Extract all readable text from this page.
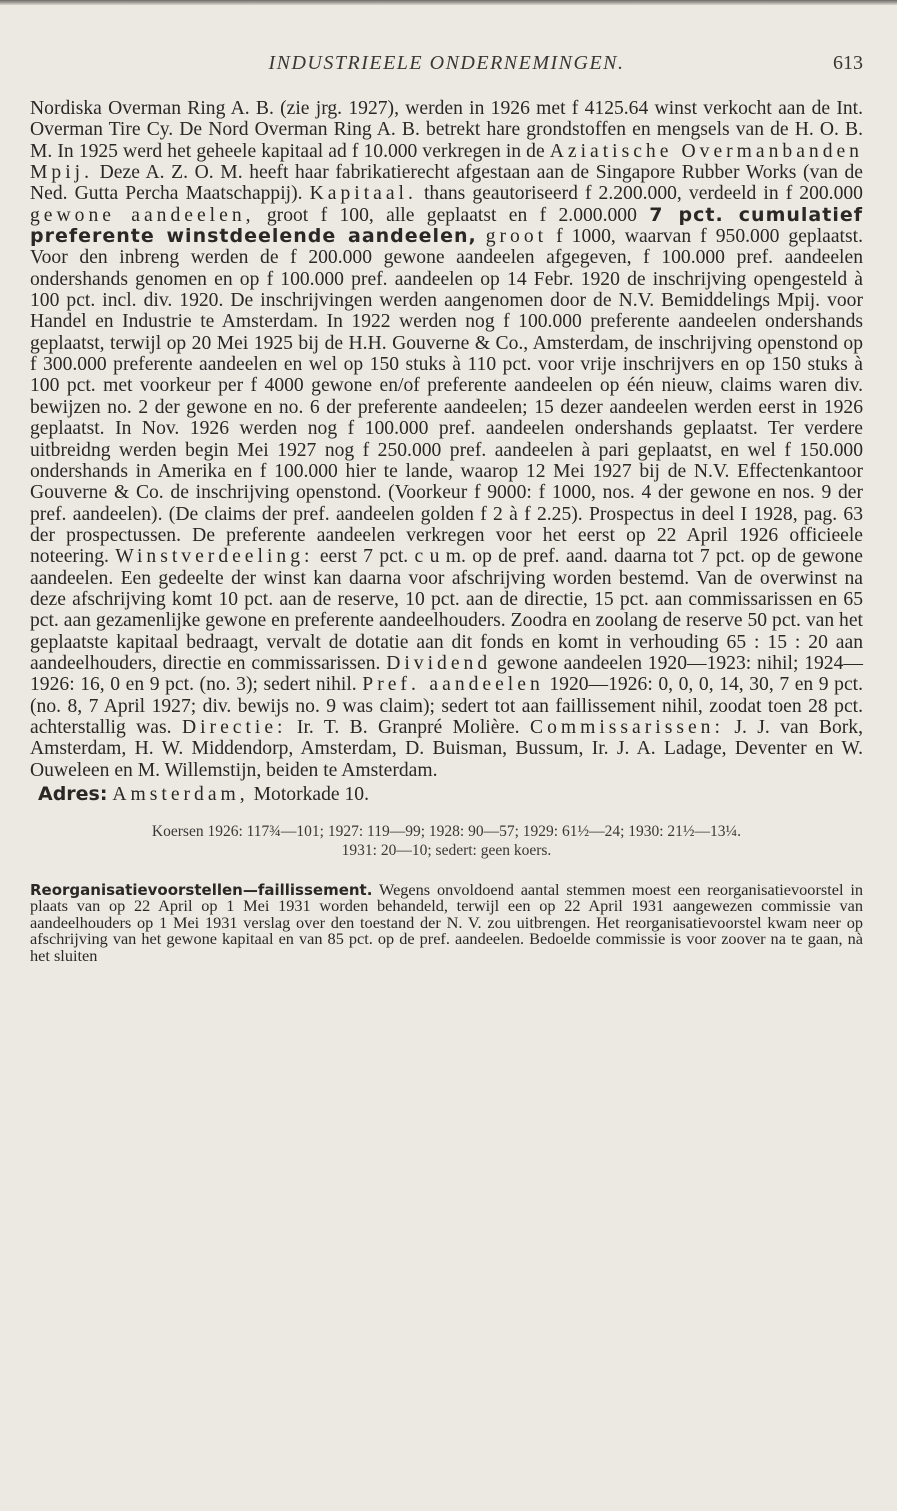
INDUSTRIEELE ONDERNEMINGEN.	613

Nordiska Overman Ring A. B. (zie jrg. 1927), werden in 1926 met f 4125.64 winst verkocht aan de Int. Overman Tire Cy. De Nord Overman Ring A. B. betrekt hare grondstoffen en mengsels van de H. O. B. M. In 1925 werd het geheele kapitaal ad f 10.000 verkregen in de Aziatische Overmanbanden Mpij. Deze A. Z. O. M. heeft haar fabrikatierecht afgestaan aan de Singapore Rubber Works (van de Ned. Gutta Percha Maatschappij). Kapitaal. thans geautoriseerd f 2.200.000, verdeeld in f 200.000 gewone aandeelen, groot f 100, alle geplaatst en f 2.000.000 7 pct. cumulatief preferente winstdeelende aandeelen, groot f 1000, waarvan f 950.000 geplaatst. Voor den inbreng werden de f 200.000 gewone aandeelen afgegeven, f 100.000 pref. aandeelen ondershands genomen en op f 100.000 pref. aandeelen op 14 Febr. 1920 de inschrijving opengesteld à 100 pct. incl. div. 1920. De inschrijvingen werden aangenomen door de N.V. Bemiddelings Mpij. voor Handel en Industrie te Amsterdam. In 1922 werden nog f 100.000 preferente aandeelen ondershands geplaatst, terwijl op 20 Mei 1925 bij de H.H. Gouverne & Co., Amsterdam, de inschrijving openstond op f 300.000 preferente aandeelen en wel op 150 stuks à 110 pct. voor vrije inschrijvers en op 150 stuks à 100 pct. met voorkeur per f 4000 gewone en/of preferente aandeelen op één nieuw, claims waren div. bewijzen no. 2 der gewone en no. 6 der preferente aandeelen; 15 dezer aandeelen werden eerst in 1926 geplaatst. In Nov. 1926 werden nog f 100.000 pref. aandeelen ondershands geplaatst. Ter verdere uitbreidng werden begin Mei 1927 nog f 250.000 pref. aandeelen à pari geplaatst, en wel f 150.000 ondershands in Amerika en f 100.000 hier te lande, waarop 12 Mei 1927 bij de N.V. Effectenkantoor Gouverne & Co. de inschrijving openstond. (Voorkeur f 9000: f 1000, nos. 4 der gewone en nos. 9 der pref. aandeelen). (De claims der pref. aandeelen golden f 2 à f 2.25). Prospectus in deel I 1928, pag. 63 der prospectussen. De preferente aandeelen verkregen voor het eerst op 22 April 1926 officieele noteering. Winstverdeeling: eerst 7 pct. c u m. op de pref. aand. daarna tot 7 pct. op de gewone aandeelen. Een gedeelte der winst kan daarna voor afschrijving worden bestemd. Van de overwinst na deze afschrijving komt 10 pct. aan de reserve, 10 pct. aan de directie, 15 pct. aan commissarissen en 65 pct. aan gezamenlijke gewone en preferente aandeelhouders. Zoodra en zoolang de reserve 50 pct. van het geplaatste kapitaal bedraagt, vervalt de dotatie aan dit fonds en komt in verhouding 65 : 15 : 20 aan aandeelhouders, directie en commissarissen. Dividend gewone aandeelen 1920—1923: nihil; 1924—1926: 16, 0 en 9 pct. (no. 3); sedert nihil. Pref. aandeelen 1920—1926: 0, 0, 0, 14, 30, 7 en 9 pct. (no. 8, 7 April 1927; div. bewijs no. 9 was claim); sedert tot aan faillissement nihil, zoodat toen 28 pct. achterstallig was. Directie: Ir. T. B. Granpré Molière. Commissarissen: J. J. van Bork, Amsterdam, H. W. Middendorp, Amsterdam, D. Buisman, Bussum, Ir. J. A. Ladage, Deventer en W. Ouweleen en M. Willemstijn, beiden te Amsterdam.

Adres: Amsterdam, Motorkade 10.
Koersen 1926: 117¾—101; 1927: 119—99; 1928: 90—57; 1929: 61½—24; 1930: 21½—13¼.
1931: 20—10; sedert: geen koers.

Reorganisatievoorstellen—faillissement. Wegens onvoldoend aantal stemmen moest een reorganisatievoorstel in plaats van op 22 April op 1 Mei 1931 worden behandeld, terwijl een op 22 April 1931 aangewezen commissie van aandeelhouders op 1 Mei 1931 verslag over den toestand der N. V. zou uitbrengen. Het reorganisatievoorstel kwam neer op afschrijving van het gewone kapitaal en van 85 pct. op de pref. aandeelen. Bedoelde commissie is voor zoover na te gaan, nà het sluiten
